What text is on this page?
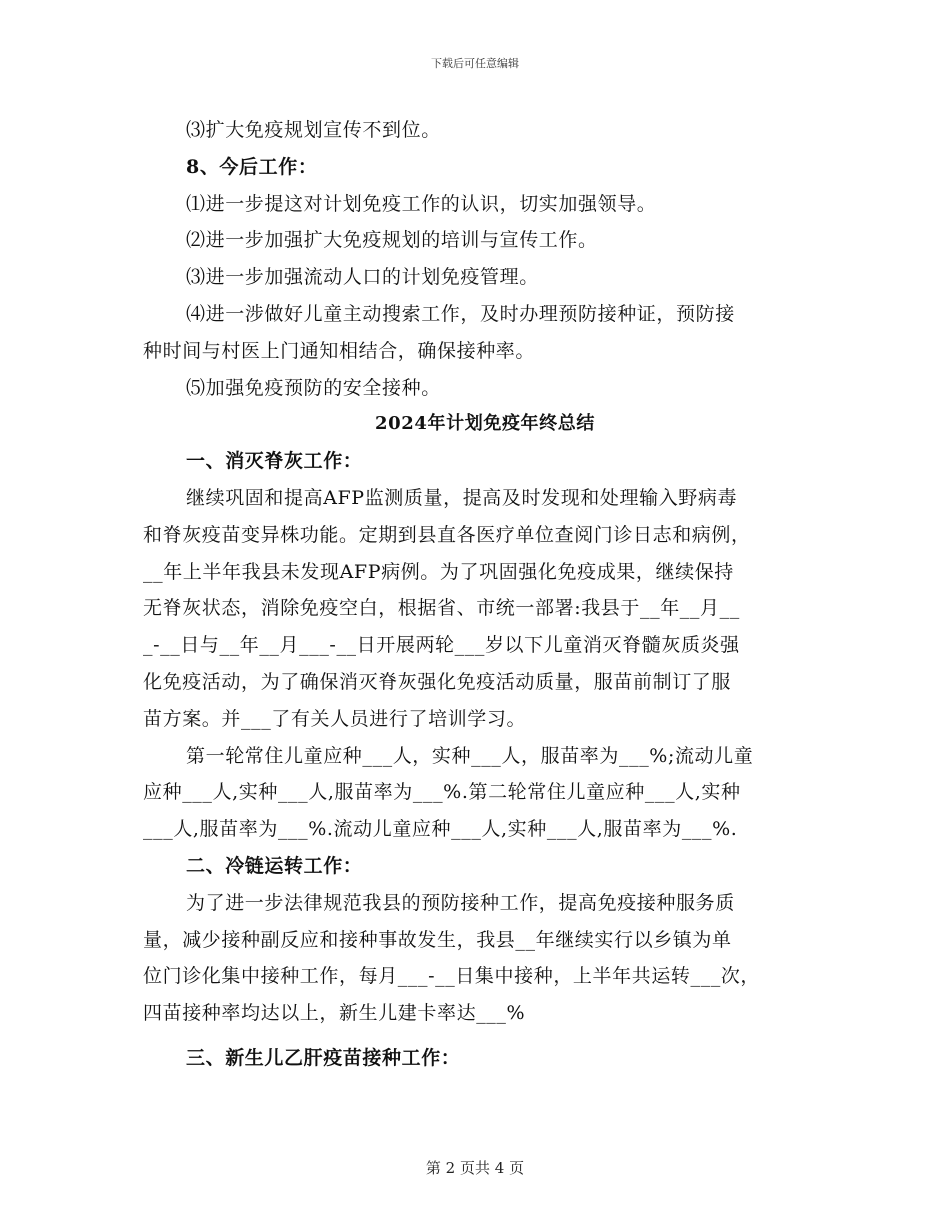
下载后可任意编辑
⑶扩大免疫规划宣传不到位。
8、今后工作：
⑴进一步提这对计划免疫工作的认识，切实加强领导。
⑵进一步加强扩大免疫规划的培训与宣传工作。
⑶进一步加强流动人口的计划免疫管理。
⑷进一涉做好儿童主动搜索工作，及时办理预防接种证，预防接
种时间与村医上门通知相结合，确保接种率。
⑸加强免疫预防的安全接种。
2024年计划免疫年终总结
一、消灭脊灰工作：
继续巩固和提高AFP监测质量，提高及时发现和处理输入野病毒
和脊灰疫苗变异株功能。定期到县直各医疗单位查阅门诊日志和病例，
__年上半年我县未发现AFP病例。为了巩固强化免疫成果，继续保持
无脊灰状态，消除免疫空白，根据省、市统一部署:我县于__年__月__
_-__日与__年__月___-__日开展两轮___岁以下儿童消灭脊髓灰质炎强
化免疫活动，为了确保消灭脊灰强化免疫活动质量，服苗前制订了服
苗方案。并___了有关人员进行了培训学习。
第一轮常住儿童应种___人，实种___人，服苗率为___%;流动儿童
应种___人,实种___人,服苗率为___%.第二轮常住儿童应种___人,实种
___人,服苗率为___%.流动儿童应种___人,实种___人,服苗率为___%.
二、冷链运转工作：
为了进一步法律规范我县的预防接种工作，提高免疫接种服务质
量，减少接种副反应和接种事故发生，我县__年继续实行以乡镇为单
位门诊化集中接种工作，每月___-__日集中接种，上半年共运转___次，
四苗接种率均达以上，新生儿建卡率达___%
三、新生儿乙肝疫苗接种工作：
第 2 页共 4 页
